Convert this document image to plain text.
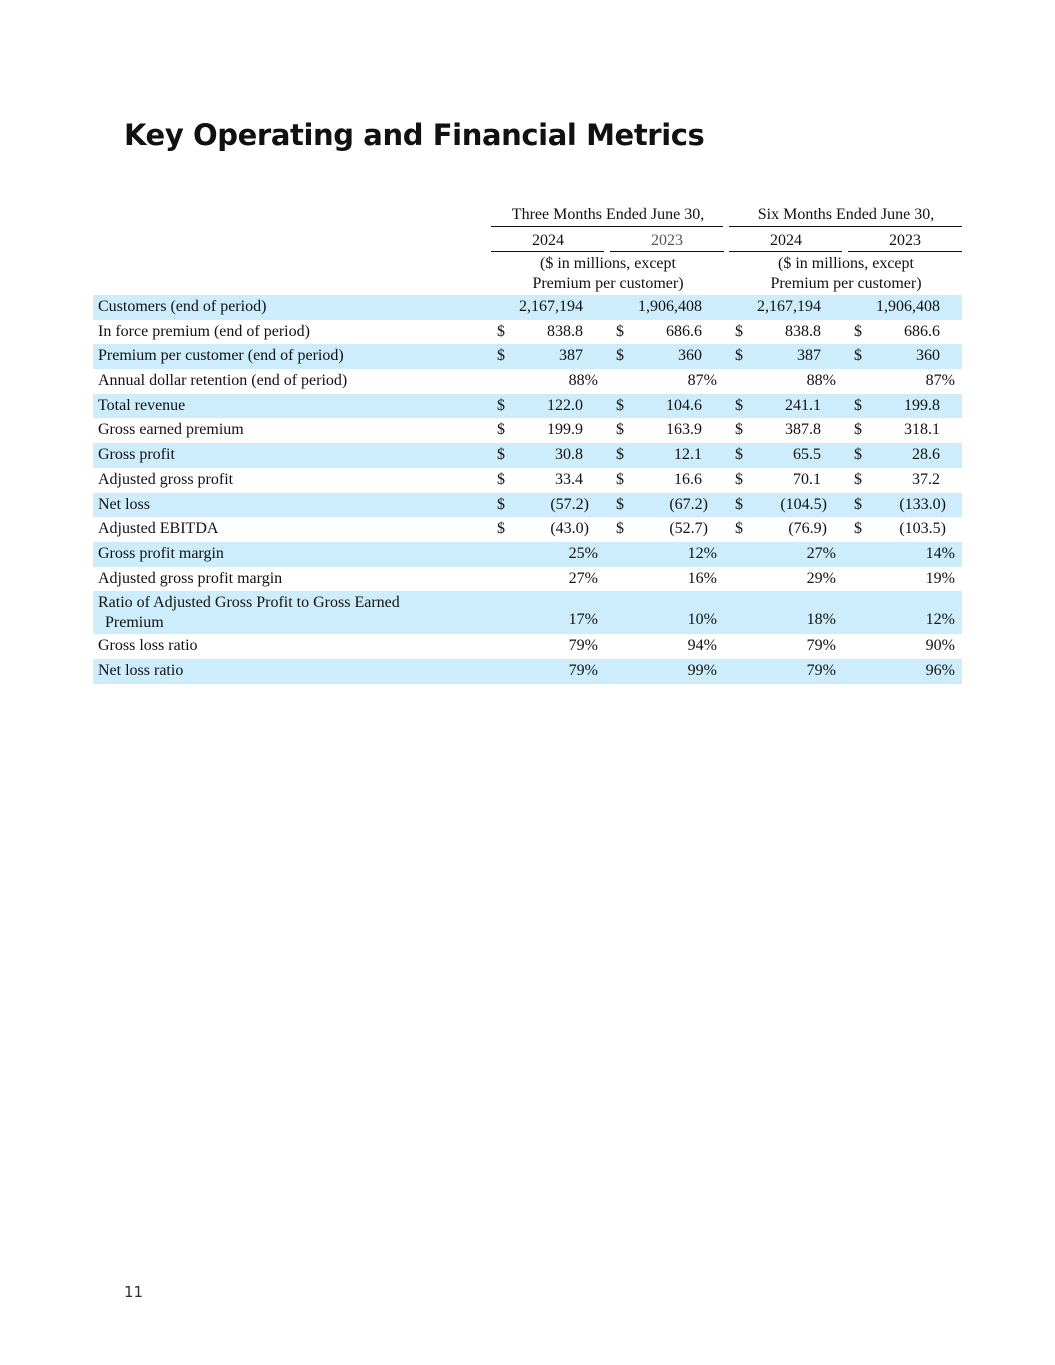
Key Operating and Financial Metrics
Three Months Ended June 30,	Six Months Ended June 30,
2024	2023	2024	2023
($ in millions, except
Premium per customer)
($ in millions, except
Premium per customer)
Customers (end of period)	2,167,194	1,906,408	2,167,194	1,906,408
In force premium (end of period)	$	838.8 $	686.6 $	838.8 $	686.6
Premium per customer (end of period)	$	387 $	360 $	387 $	360
Annual dollar retention (end of period)	88%	87%	88%	87%
Total revenue	$	122.0 $	104.6 $	241.1 $	199.8
Gross earned premium	$	199.9 $	163.9 $	387.8 $	318.1
Gross profit	$	30.8 $	12.1 $	65.5 $	28.6
Adjusted gross profit	$	33.4 $	16.6 $	70.1 $	37.2
Net loss	$	(57.2) $	(67.2) $	(104.5) $	(133.0)
Adjusted EBITDA	$	(43.0) $	(52.7) $	(76.9) $	(103.5)
Gross profit margin	25%	12%	27%	14%
Adjusted gross profit margin	27%	16%	29%	19%
Ratio of Adjusted Gross Profit to Gross Earned
Premium	17%	10%	18%	12%
Gross loss ratio	79%	94%	79%	90%
Net loss ratio	79%	99%	79%	96%
11
